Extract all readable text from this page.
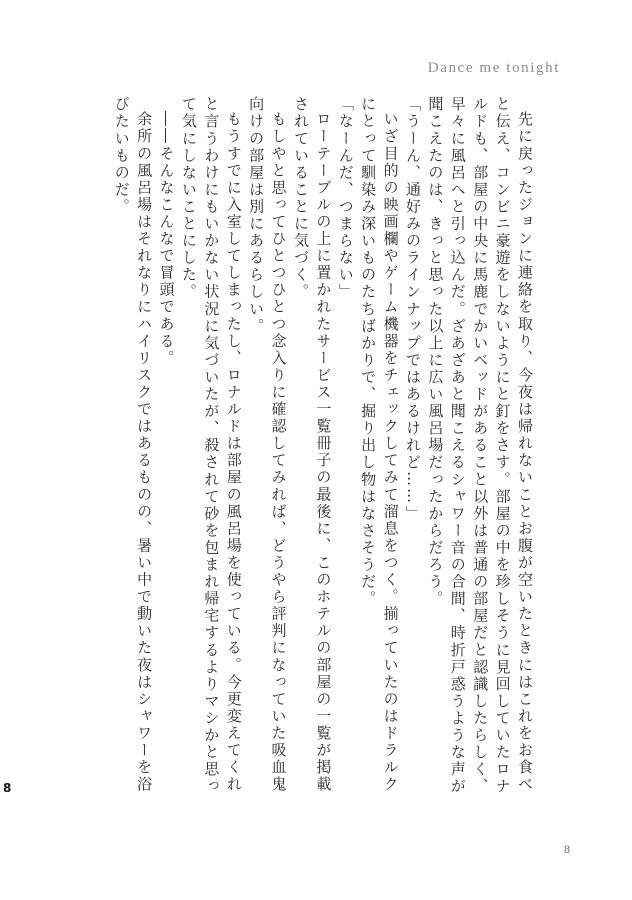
Dance me tonight

先に戻ったジョンに連絡を取り、今夜は帰れないことお腹が空いたときにはこれをお食べと伝え、コンビニ豪遊をしないようにと釘をさす。部屋の中を珍しそうに見回していたロナルドも、部屋の中央に馬鹿でかいベッドがあること以外は普通の部屋だと認識したらしく、早々に風呂へと引っ込んだ。ざあざあと聞こえるシャワー音の合間、時折戸惑うような声が聞こえたのは、きっと思った以上に広い風呂場だったからだろう。

「うーん、通好みのラインナップではあるけれど……」

いざ目的の映画欄やゲーム機器をチェックしてみて溜息をつく。揃っていたのはドラルクにとって馴染み深いものたちばかりで、掘り出し物はなさそうだ。

「なーんだ、つまらない」

ローテーブルの上に置かれたサービス一覧冊子の最後に、このホテルの部屋の一覧が掲載されていることに気づく。

もしやと思ってひとつひとつ念入りに確認してみれば、どうやら評判になっていた吸血鬼向けの部屋は別にあるらしい。

もうすでに入室してしまったし、ロナルドは部屋の風呂場を使っている。今更変えてくれと言うわけにもいかない状況に気づいたが、殺されて砂を包まれ帰宅するよりマシかと思って気にしないことにした。

――そんなこんなで冒頭である。

余所の風呂場はそれなりにハイリスクではあるものの、暑い中で動いた夜はシャワーを浴びたいものだ。

8
8
